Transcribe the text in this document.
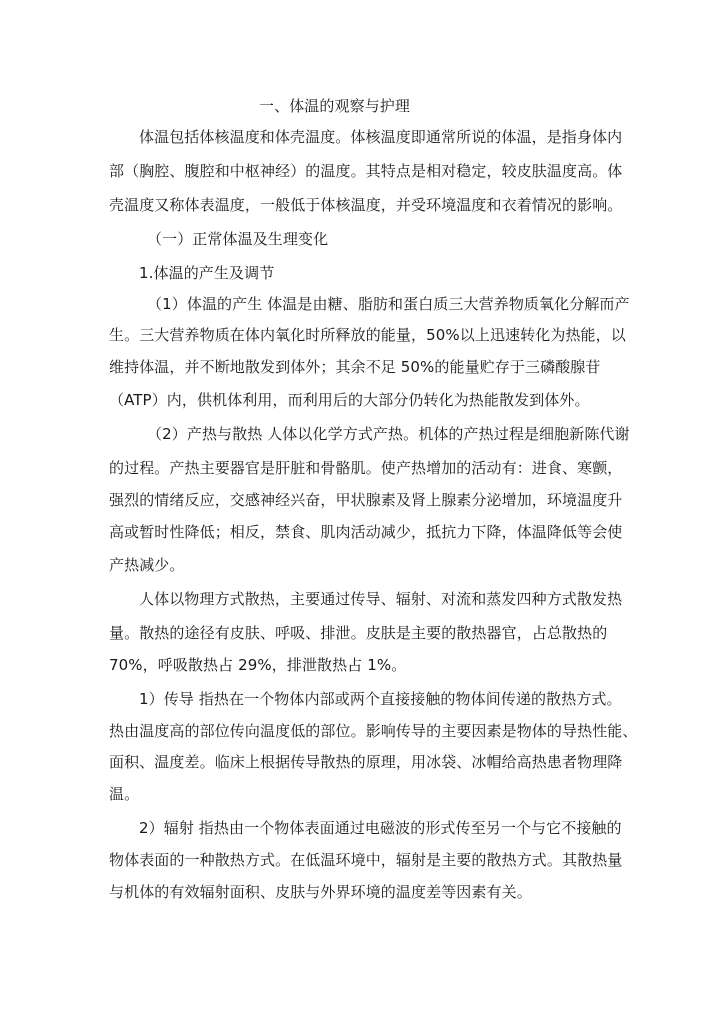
一、体温的观察与护理
体温包括体核温度和体壳温度。体核温度即通常所说的体温，是指身体内
部（胸腔、腹腔和中枢神经）的温度。其特点是相对稳定，较皮肤温度高。体
壳温度又称体表温度，一般低于体核温度，并受环境温度和衣着情况的影响。
（一）正常体温及生理变化
1.体温的产生及调节
（1）体温的产生 体温是由糖、脂肪和蛋白质三大营养物质氧化分解而产
生。三大营养物质在体内氧化时所释放的能量，50%以上迅速转化为热能，以
维持体温，并不断地散发到体外；其余不足 50%的能量贮存于三磷酸腺苷
（ATP）内，供机体利用，而利用后的大部分仍转化为热能散发到体外。
（2）产热与散热 人体以化学方式产热。机体的产热过程是细胞新陈代谢
的过程。产热主要器官是肝脏和骨骼肌。使产热增加的活动有：进食、寒颤，
强烈的情绪反应，交感神经兴奋，甲状腺素及肾上腺素分泌增加，环境温度升
高或暂时性降低；相反，禁食、肌肉活动减少，抵抗力下降，体温降低等会使
产热减少。
人体以物理方式散热，主要通过传导、辐射、对流和蒸发四种方式散发热
量。散热的途径有皮肤、呼吸、排泄。皮肤是主要的散热器官，占总散热的
70%，呼吸散热占 29%，排泄散热占 1%。
1）传导 指热在一个物体内部或两个直接接触的物体间传递的散热方式。
热由温度高的部位传向温度低的部位。影响传导的主要因素是物体的导热性能、
面积、温度差。临床上根据传导散热的原理，用冰袋、冰帽给高热患者物理降
温。
2）辐射 指热由一个物体表面通过电磁波的形式传至另一个与它不接触的
物体表面的一种散热方式。在低温环境中，辐射是主要的散热方式。其散热量
与机体的有效辐射面积、皮肤与外界环境的温度差等因素有关。
